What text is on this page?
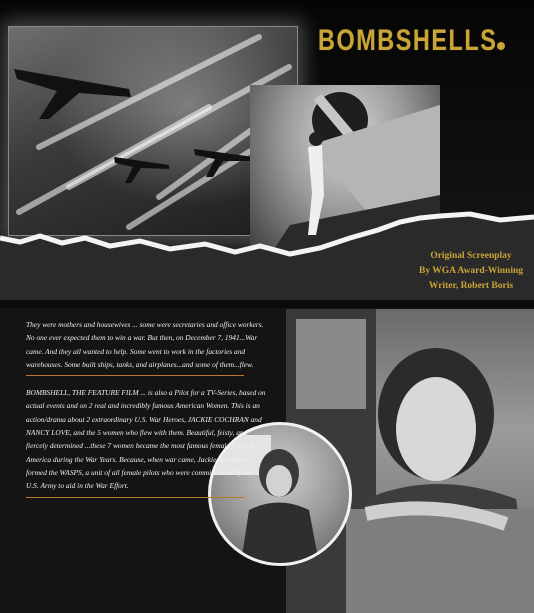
BOMBSHELLS
Original Screenplay
By WGA Award-Winning
Writer, Robert Boris

They were mothers and housewives ... some were secretaries and office workers. No one ever expected them to win a war. But then, on December 7, 1941...War came. And they all wanted to help. Some went to work in the factories and warehouses. Some built ships, tanks, and airplanes...and some of them...flew.

BOMBSHELL, THE FEATURE FILM ... is also a Pilot for a TV-Series, based on actual events and on 2 real and incredibly famous American Women. This is an action/drama about 2 extraordinary U.S. War Heroes, JACKIE COCHRAN and NANCY LOVE, and the 5 women who flew with them. Beautiful, feisty, and fiercely determined ...these 7 women became the most famous female pilots in America during the War Years. Because, when war came, Jackie and Nancy formed the WASPS, a unit of all female pilots who were commissioned by the U.S. Army to aid in the War Effort.
